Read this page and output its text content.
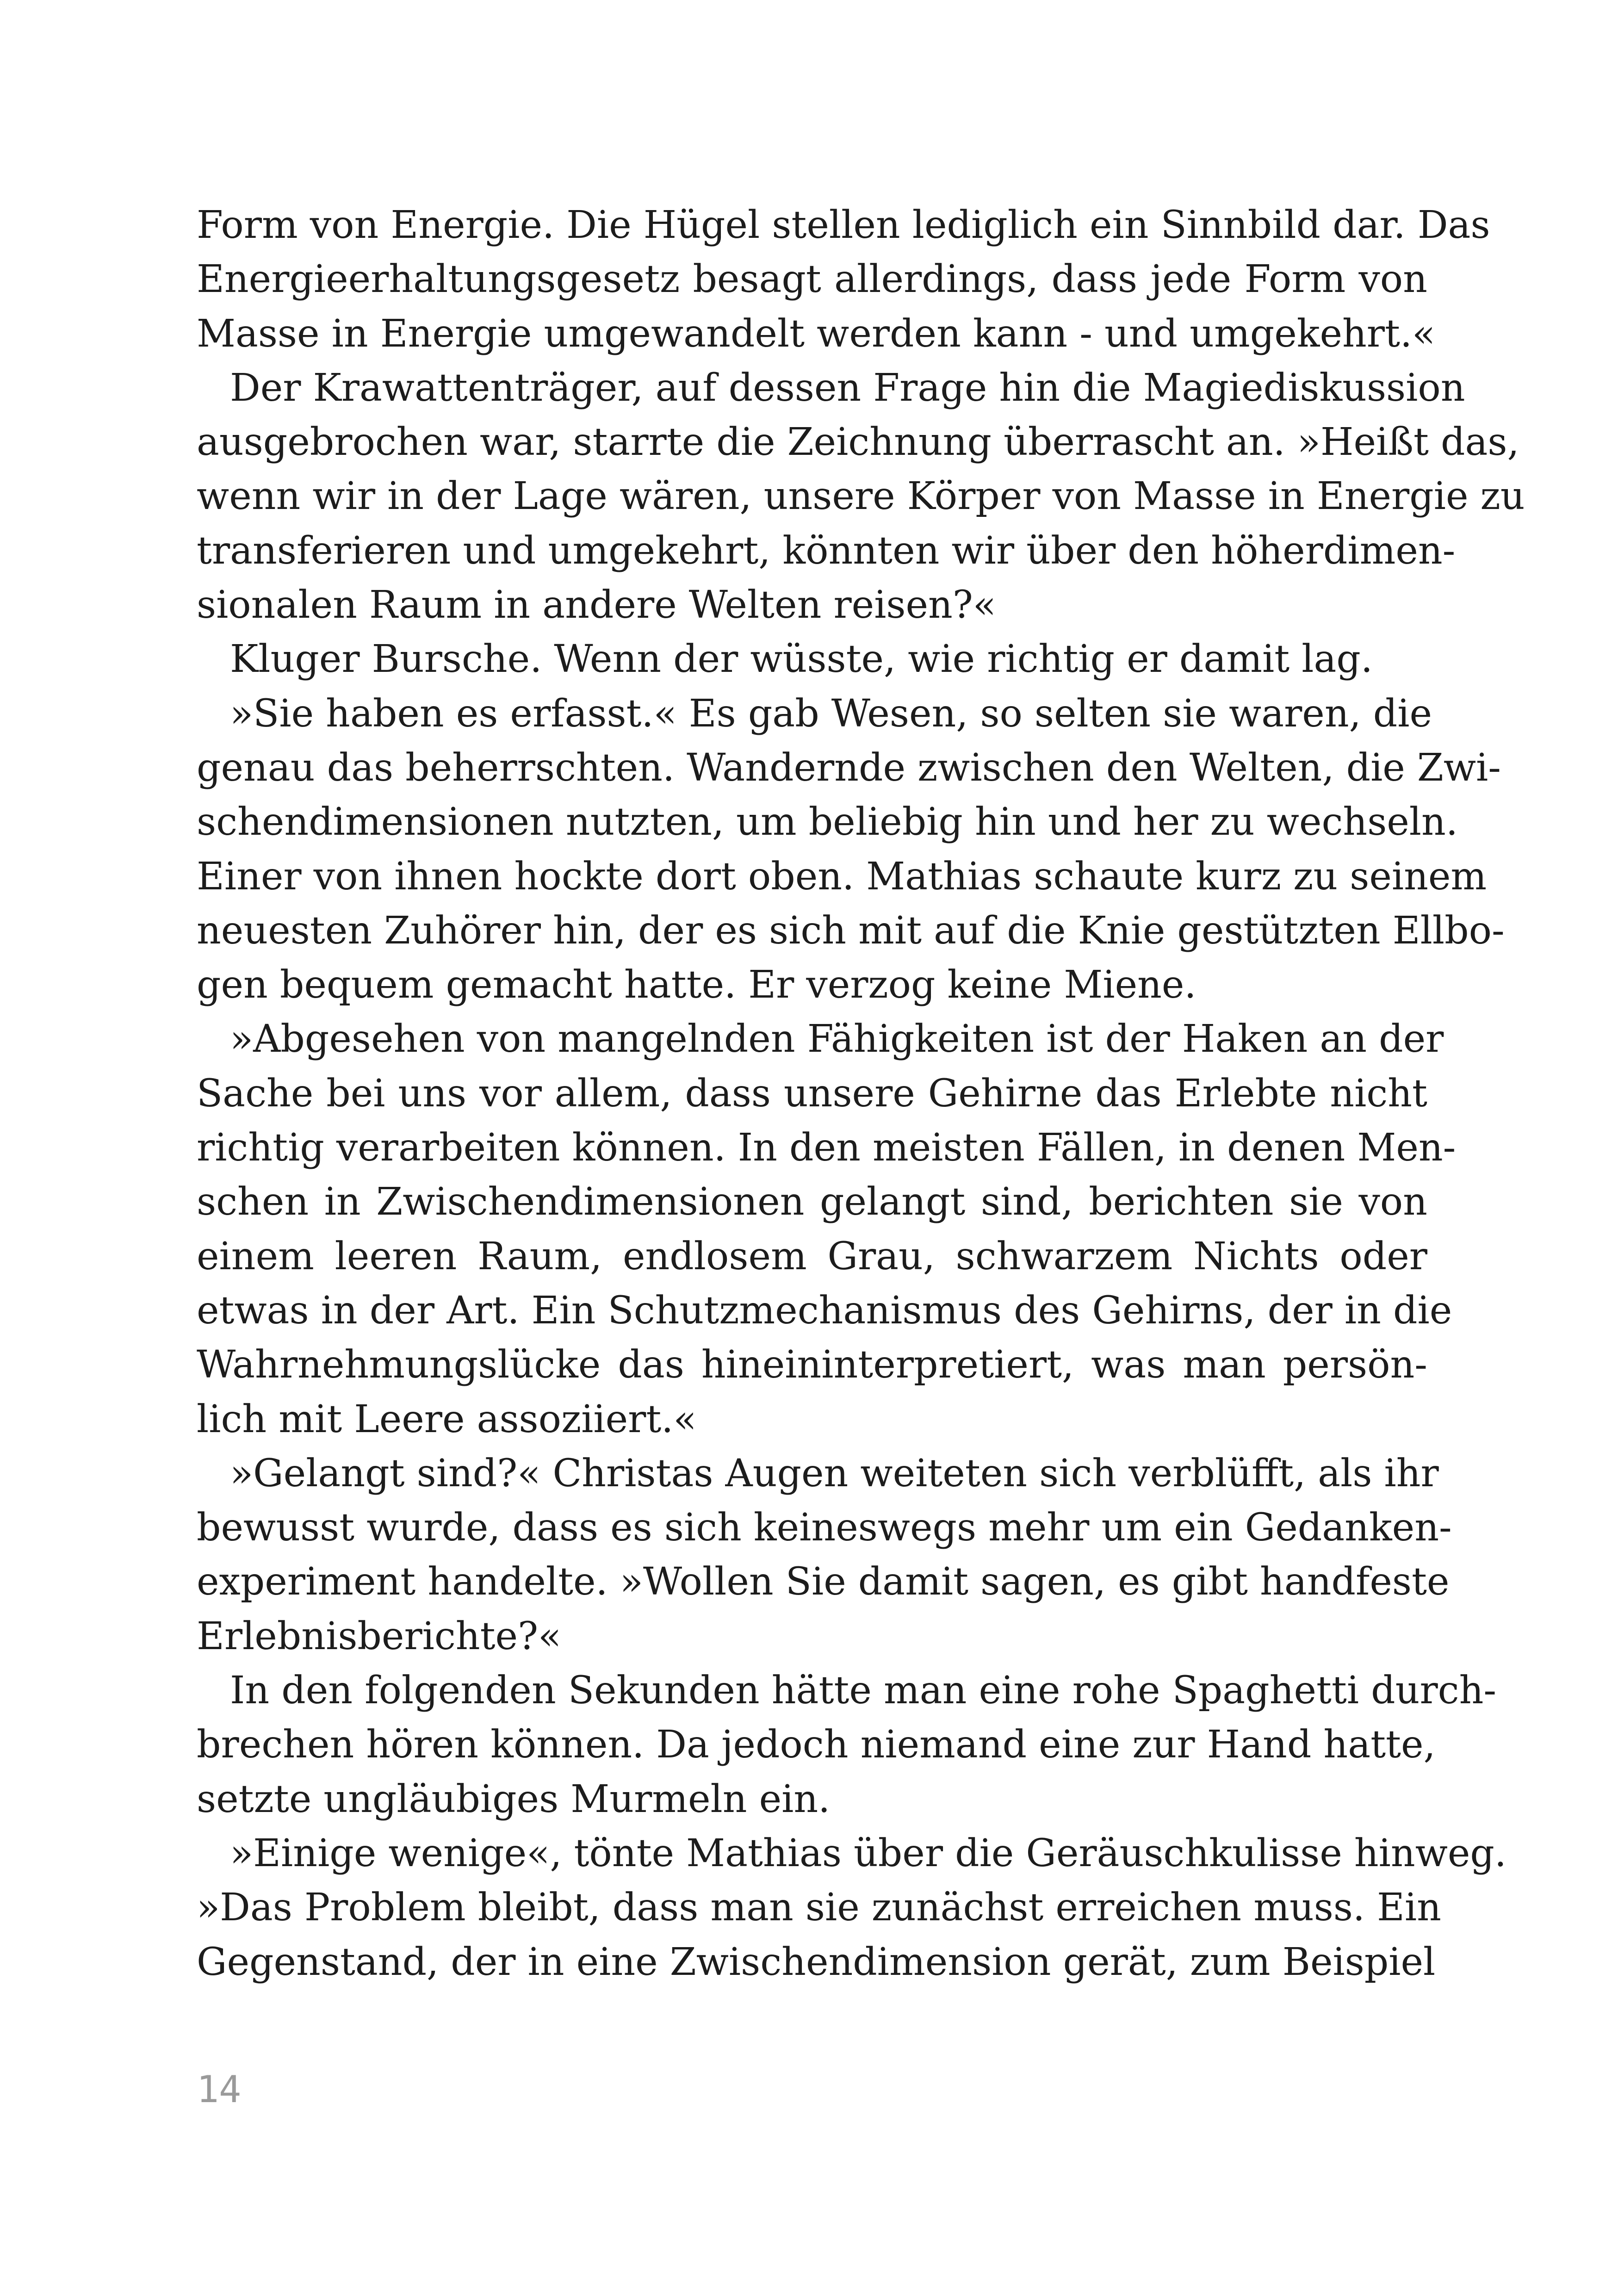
Form von Energie. Die Hügel stellen lediglich ein Sinnbild dar. Das
Energieerhaltungsgesetz besagt allerdings, dass jede Form von
Masse in Energie umgewandelt werden kann - und umgekehrt.«
Der Krawattenträger, auf dessen Frage hin die Magiediskussion
ausgebrochen war, starrte die Zeichnung überrascht an. »Heißt das,
wenn wir in der Lage wären, unsere Körper von Masse in Energie zu
transferieren und umgekehrt, könnten wir über den höherdimen-
sionalen Raum in andere Welten reisen?«
Kluger Bursche. Wenn der wüsste, wie richtig er damit lag.
»Sie haben es erfasst.« Es gab Wesen, so selten sie waren, die
genau das beherrschten. Wandernde zwischen den Welten, die Zwi-
schendimensionen nutzten, um beliebig hin und her zu wechseln.
Einer von ihnen hockte dort oben. Mathias schaute kurz zu seinem
neuesten Zuhörer hin, der es sich mit auf die Knie gestützten Ellbo-
gen bequem gemacht hatte. Er verzog keine Miene.
»Abgesehen von mangelnden Fähigkeiten ist der Haken an der
Sache bei uns vor allem, dass unsere Gehirne das Erlebte nicht
richtig verarbeiten können. In den meisten Fällen, in denen Men-
schen in Zwischendimensionen gelangt sind, berichten sie von
einem leeren Raum, endlosem Grau, schwarzem Nichts oder
etwas in der Art. Ein Schutzmechanismus des Gehirns, der in die
Wahrnehmungslücke das hineininterpretiert, was man persön-
lich mit Leere assoziiert.«
»Gelangt sind?« Christas Augen weiteten sich verblüfft, als ihr
bewusst wurde, dass es sich keineswegs mehr um ein Gedanken-
experiment handelte. »Wollen Sie damit sagen, es gibt handfeste
Erlebnisberichte?«
In den folgenden Sekunden hätte man eine rohe Spaghetti durch-
brechen hören können. Da jedoch niemand eine zur Hand hatte,
setzte ungläubiges Murmeln ein.
»Einige wenige«, tönte Mathias über die Geräuschkulisse hinweg.
»Das Problem bleibt, dass man sie zunächst erreichen muss. Ein
Gegenstand, der in eine Zwischendimension gerät, zum Beispiel
14
